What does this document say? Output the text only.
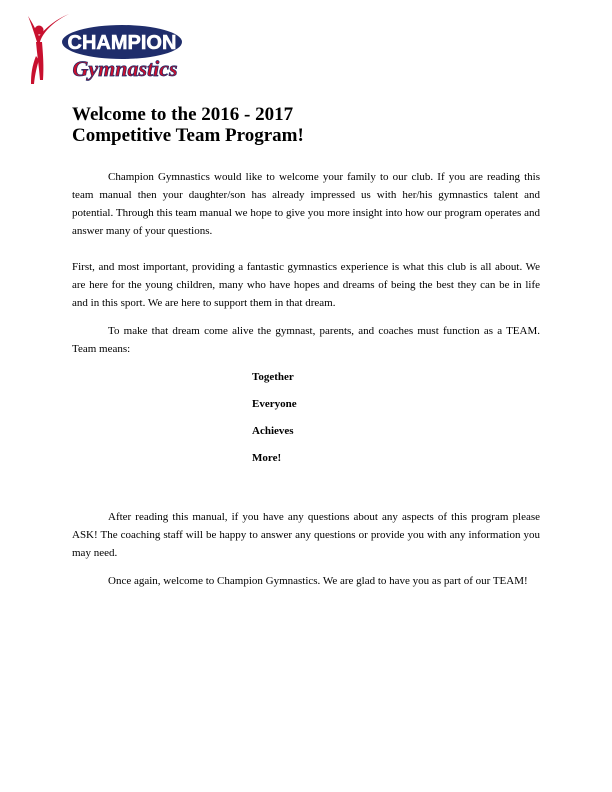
CHAMPION
Gymnastics
Welcome to the 2016 - 2017
Competitive Team Program!

Champion Gymnastics would like to welcome your family to our club. If you are reading this team manual then your daughter/son has already impressed us with her/his gymnastics talent and potential. Through this team manual we hope to give you more insight into how our program operates and answer many of your questions.

First, and most important, providing a fantastic gymnastics experience is what this club is all about. We are here for the young children, many who have hopes and dreams of being the best they can be in life and in this sport. We are here to support them in that dream.

To make that dream come alive the gymnast, parents, and coaches must function as a TEAM. Team means:

Together
Everyone
Achieves
More!

After reading this manual, if you have any questions about any aspects of this program please ASK! The coaching staff will be happy to answer any questions or provide you with any information you may need.

Once again, welcome to Champion Gymnastics. We are glad to have you as part of our TEAM!
